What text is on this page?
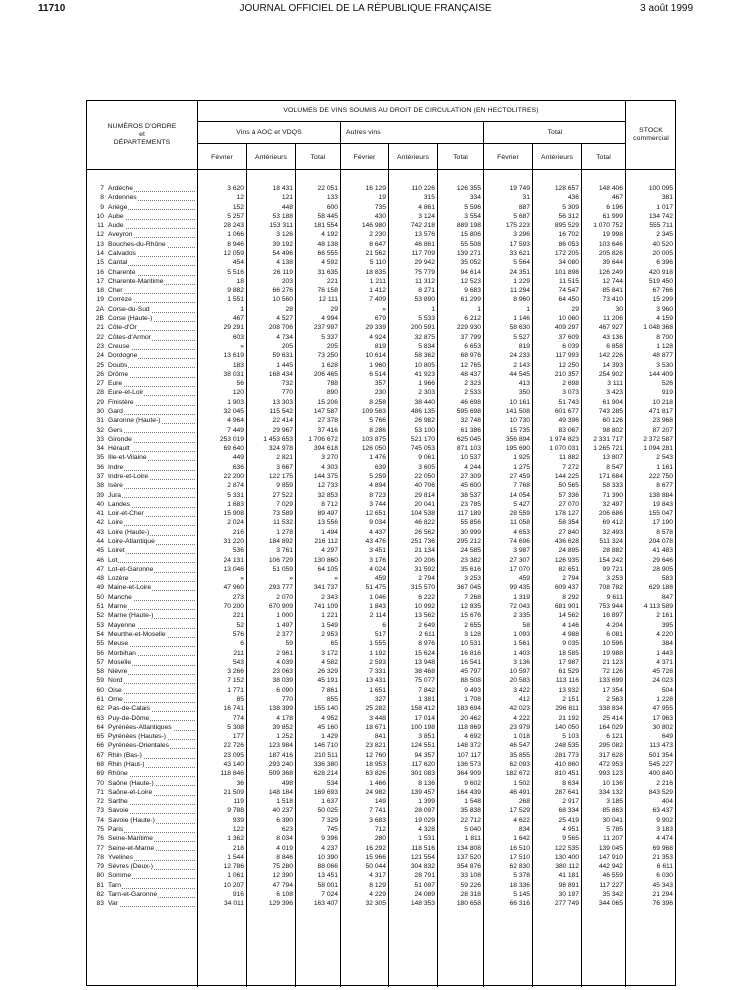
11710	JOURNAL OFFICIEL DE LA RÉPUBLIQUE FRANÇAISE	3 août 1999
NUMÉROS D'ORDRE
et
DÉPARTEMENTS
VOLUMES DE VINS SOUMIS AU DROIT DE CIRCULATION (EN HECTOLITRES)
Vins à AOC et VDQS	Autres vins	Total	STOCK
commercial
Février	Antérieurs	Total	Février	Antérieurs	Total	Février	Antérieurs	Total
7 Ardèche	3 620	18 431	22 051	16 129	110 226	126 355	19 749	128 657	148 406	100 095
8 Ardennes	12	121	133	19	315	334	31	436	467	381
9 Ariège	152	448	600	735	4 861	5 596	887	5 309	6 196	1 017
10 Aube	5 257	53 188	58 445	430	3 124	3 554	5 687	56 312	61 999	134 742
11 Aude	28 243	153 311	181 554	146 980	742 218	889 198	175 223	895 529	1 070 752	555 711
12 Aveyron	1 066	3 126	4 192	2 230	13 576	15 806	3 296	16 702	19 998	2 345
13 Bouches-du-Rhône	8 946	39 192	48 138	8 647	46 861	55 508	17 593	86 053	103 646	40 520
14 Calvados	12 059	54 496	66 555	21 562	117 709	139 271	33 621	172 205	205 826	20 005
15 Cantal	454	4 138	4 592	5 110	29 942	35 052	5 564	34 080	39 644	6 396
16 Charente	5 516	26 119	31 635	18 835	75 779	94 614	24 351	101 898	126 249	420 918
17 Charente-Maritime	18	203	221	1 211	11 312	12 523	1 229	11 515	12 744	519 450
18 Cher	9 882	66 276	76 158	1 412	8 271	9 683	11 294	74 547	85 841	67 766
19 Corrèze	1 551	10 560	12 111	7 409	53 890	61 299	8 960	64 450	73 410	15 299
2A Corse-du-Sud	1	28	29	»	1	1	1	29	30	3 960
2B Corse (Haute-)	467	4 527	4 994	679	5 533	6 212	1 146	10 060	11 206	4 159
21 Côte-d'Or	29 291	208 706	237 997	29 339	200 591	229 930	58 630	409 297	467 927	1 048 368
22 Côtes-d'Armor	603	4 734	5 337	4 924	32 875	37 799	5 527	37 609	43 136	8 700
23 Creuse	»	205	205	819	5 834	6 653	819	6 039	6 858	1 128
24 Dordogne	13 619	59 631	73 250	10 614	58 362	68 976	24 233	117 993	142 226	48 877
25 Doubs	183	1 445	1 628	1 960	10 805	12 765	2 143	12 250	14 393	3 530
26 Drôme	38 031	168 434	206 465	6 514	41 923	48 437	44 545	210 357	254 902	144 409
27 Eure	56	732	788	357	1 966	2 323	413	2 698	3 111	526
28 Eure-et-Loir	120	770	890	230	2 303	2 533	350	3 073	3 423	919
29 Finistère	1 903	13 303	15 206	8 258	38 440	46 698	10 161	51 743	61 904	10 218
30 Gard	32 045	115 542	147 587	109 563	486 135	595 698	141 508	601 677	743 285	471 817
31 Garonne (Haute-)	4 964	22 414	27 378	5 766	26 982	32 748	10 730	49 396	60 126	23 968
32 Gers	7 449	29 967	37 416	8 286	53 100	61 386	15 735	83 067	98 802	87 207
33 Gironde	253 019	1 453 653	1 706 672	103 875	521 170	625 045	356 894	1 974 823	2 331 717	2 372 587
34 Hérault	69 640	324 978	394 618	126 050	745 053	871 103	195 690	1 070 031	1 265 721	1 094 281
35 Ille-et-Vilaine	449	2 821	3 270	1 476	9 061	10 537	1 925	11 882	13 807	2 543
36 Indre	636	3 667	4 303	639	3 605	4 244	1 275	7 272	8 547	1 161
37 Indre-et-Loire	22 200	122 175	144 375	5 259	22 050	27 309	27 459	144 225	171 684	222 750
38 Isère	2 874	9 859	12 733	4 894	40 706	45 600	7 768	50 565	58 333	8 677
39 Jura	5 331	27 522	32 853	8 723	29 814	38 537	14 054	57 336	71 390	138 884
40 Landes	1 683	7 029	8 712	3 744	20 041	23 785	5 427	27 070	32 497	19 843
41 Loir-et-Cher	15 908	73 589	89 497	12 651	104 538	117 189	28 559	178 127	206 686	155 047
42 Loire	2 024	11 532	13 556	9 034	46 822	55 856	11 058	58 354	69 412	17 190
43 Loire (Haute-)	216	1 278	1 494	4 437	26 562	30 999	4 653	27 840	32 493	8 578
44 Loire-Atlantique	31 220	184 892	216 112	43 476	251 736	295 212	74 696	436 628	511 324	204 078
45 Loiret	536	3 761	4 297	3 451	21 134	24 585	3 987	24 895	28 882	41 483
46 Lot	24 131	106 729	130 860	3 176	20 206	23 382	27 307	126 935	154 242	29 646
47 Lot-et-Garonne	13 046	51 059	64 105	4 024	31 592	35 616	17 070	82 651	99 721	28 905
48 Lozère	»	»	»	459	2 794	3 253	459	2 794	3 253	583
49 Maine-et-Loire	47 960	293 777	341 737	51 475	315 570	367 045	99 435	609 437	708 782	629 188
50 Manche	273	2 070	2 343	1 046	6 222	7 268	1 319	8 292	9 611	847
51 Marne	70 200	670 909	741 109	1 843	10 992	12 835	72 043	681 901	753 944	4 113 589
52 Marne (Haute-)	221	1 000	1 221	2 114	13 562	15 676	2 335	14 562	16 897	2 161
53 Mayenne	52	1 497	1 549	6	2 649	2 655	58	4 146	4 204	395
54 Meurthe-et-Moselle	576	2 377	2 953	517	2 611	3 128	1 093	4 988	6 081	4 220
55 Meuse	6	59	65	1 555	8 976	10 531	1 561	9 035	10 596	384
56 Morbihan	211	2 961	3 172	1 192	15 624	16 816	1 403	18 585	19 988	1 443
57 Moselle	543	4 039	4 582	2 593	13 948	16 541	3 136	17 987	21 123	4 371
58 Nièvre	3 266	23 063	26 329	7 331	38 468	45 797	10 597	61 529	72 126	45 728
59 Nord	7 152	38 039	45 191	13 431	75 077	88 508	20 583	113 116	133 699	24 023
60 Oise	1 771	6 090	7 861	1 651	7 842	9 493	3 422	13 932	17 354	504
61 Orne	85	770	855	327	1 381	1 708	412	2 151	2 563	1 228
62 Pas-de-Calais	16 741	138 399	155 140	25 282	158 412	183 694	42 023	296 811	338 834	47 955
63 Puy-de-Dôme	774	4 178	4 952	3 448	17 014	20 462	4 222	21 192	25 414	17 963
64 Pyrénées-Atlantiques	5 308	39 852	45 160	18 671	100 198	118 869	23 979	140 050	164 029	30 802
65 Pyrénées (Hautes-)	177	1 252	1 429	841	3 851	4 692	1 018	5 103	6 121	649
66 Pyrénées-Orientales	22 726	123 984	146 710	23 821	124 551	148 372	46 547	248 535	295 082	113 473
67 Rhin (Bas-)	23 095	187 416	210 511	12 760	94 357	107 117	35 855	281 773	317 628	501 354
68 Rhin (Haut-)	43 140	293 240	336 380	18 953	117 620	136 573	62 093	410 860	472 953	545 227
69 Rhône	118 846	509 368	628 214	63 826	301 083	364 909	182 672	810 451	993 123	400 840
70 Saône (Haute-)	36	498	534	1 466	8 136	9 602	1 502	8 634	10 136	2 216
71 Saône-et-Loire	21 509	148 184	169 693	24 982	139 457	164 439	46 491	287 641	334 132	843 529
72 Sarthe	119	1 518	1 637	149	1 399	1 548	268	2 917	3 185	404
73 Savoie	9 788	40 237	50 025	7 741	28 097	35 838	17 529	68 334	85 863	63 437
74 Savoie (Haute-)	939	6 390	7 329	3 683	19 029	22 712	4 622	25 419	30 041	9 902
75 Paris	122	623	745	712	4 328	5 040	834	4 951	5 785	3 183
76 Seine-Maritime	1 362	8 034	9 396	280	1 531	1 811	1 642	9 565	11 207	4 474
77 Seine-et-Marne	218	4 019	4 237	16 292	118 516	134 808	16 510	122 535	139 045	69 968
78 Yvelines	1 544	8 846	10 390	15 966	121 554	137 520	17 510	130 400	147 910	21 353
79 Sèvres (Deux-)	12 786	75 280	88 066	50 044	304 832	354 876	62 830	380 112	442 942	6 611
80 Somme	1 061	12 390	13 451	4 317	28 791	33 108	5 378	41 181	46 559	6 030
81 Tarn	10 207	47 794	58 001	8 129	51 097	59 226	18 336	98 891	117 227	45 343
82 Tarn-et-Garonne	916	6 108	7 024	4 229	24 089	28 318	5 145	30 197	35 342	21 294
83 Var	34 011	129 396	163 407	32 305	148 353	180 658	66 316	277 749	344 065	76 396
